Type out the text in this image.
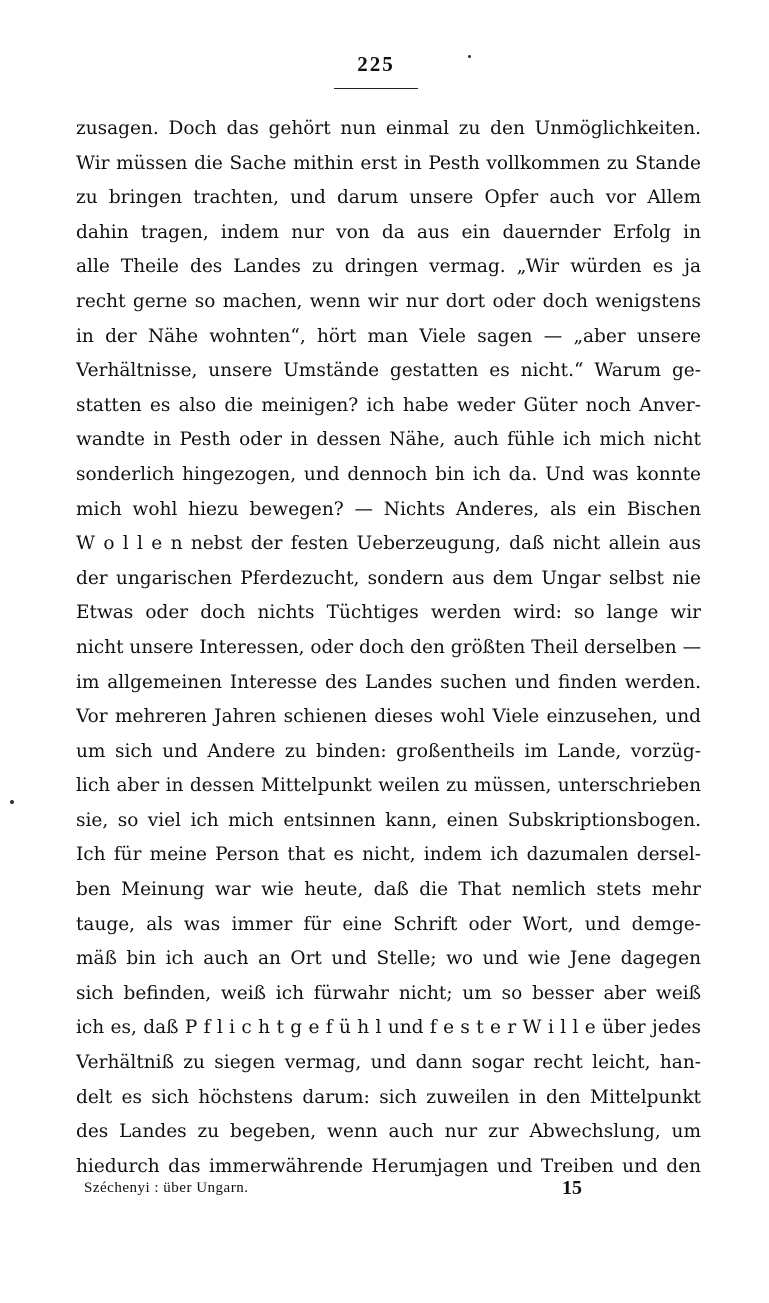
225
zusagen. Doch das gehört nun einmal zu den Unmöglichkeiten.
Wir müssen die Sache mithin erst in Pesth vollkommen zu Stande
zu bringen trachten, und darum unsere Opfer auch vor Allem
dahin tragen, indem nur von da aus ein dauernder Erfolg in
alle Theile des Landes zu dringen vermag. „Wir würden es ja
recht gerne so machen, wenn wir nur dort oder doch wenigstens
in der Nähe wohnten“, hört man Viele sagen — „aber unsere
Verhältnisse, unsere Umstände gestatten es nicht.“ Warum ge-
statten es also die meinigen? ich habe weder Güter noch Anver-
wandte in Pesth oder in dessen Nähe, auch fühle ich mich nicht
sonderlich hingezogen, und dennoch bin ich da. Und was konnte
mich wohl hiezu bewegen? — Nichts Anderes, als ein Bischen
W o l l e n nebst der festen Ueberzeugung, daß nicht allein aus
der ungarischen Pferdezucht, sondern aus dem Ungar selbst nie
Etwas oder doch nichts Tüchtiges werden wird: so lange wir
nicht unsere Interessen, oder doch den größten Theil derselben —
im allgemeinen Interesse des Landes suchen und finden werden.
Vor mehreren Jahren schienen dieses wohl Viele einzusehen, und
um sich und Andere zu binden: großentheils im Lande, vorzüg-
lich aber in dessen Mittelpunkt weilen zu müssen, unterschrieben
sie, so viel ich mich entsinnen kann, einen Subskriptionsbogen.
Ich für meine Person that es nicht, indem ich dazumalen dersel-
ben Meinung war wie heute, daß die That nemlich stets mehr
tauge, als was immer für eine Schrift oder Wort, und demge-
mäß bin ich auch an Ort und Stelle; wo und wie Jene dagegen
sich befinden, weiß ich fürwahr nicht; um so besser aber weiß
ich es, daß P f l i c h t g e f ü h l und f e s t e r W i l l e über jedes
Verhältniß zu siegen vermag, und dann sogar recht leicht, han-
delt es sich höchstens darum: sich zuweilen in den Mittelpunkt
des Landes zu begeben, wenn auch nur zur Abwechslung, um
hiedurch das immerwährende Herumjagen und Treiben und den
Széchenyi : über Ungarn.	15
